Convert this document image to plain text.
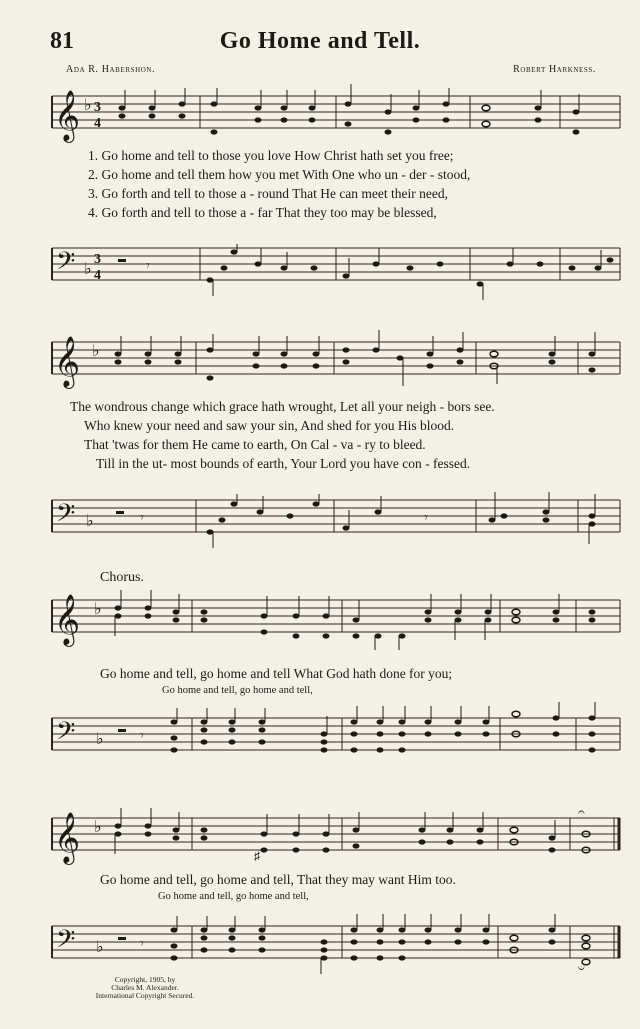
Go Home and Tell.
81
Ada R. Habershon.	Robert Harkness.
𝄞 ♭ 3
4
1. Go home and tell to those you love How Christ hath set you free;
2. Go home and tell them how you met With One who un - der - stood,
3. Go forth and tell to those a - round That He can meet their need,
4. Go forth and tell to those a - far That they too may be blessed,
𝄢 ♭
3
4
𝄾
𝄞 ♭
The wondrous change which grace hath wrought, Let all your neigh - bors see.
Who knew your need and saw your sin, And shed for you His blood.
That 'twas for them He came to earth, On Cal - va - ry to bleed.
Till in the ut- most bounds of earth, Your Lord you have con - fessed.
𝄢 ♭	𝄾	𝄾
Chorus.
𝄞 ♭
Go home and tell, go home and tell What God hath done for you;
Go home and tell, go home and tell,
𝄢 ♭	𝄾
𝄞 ♭
𝄐
♯
Go home and tell, go home and tell, That they may want Him too.
Go home and tell, go home and tell,
𝄢 ♭	𝄾
𝄑
Copyright, 1905, by
Charles M. Alexander.
International Copyright Secured.
